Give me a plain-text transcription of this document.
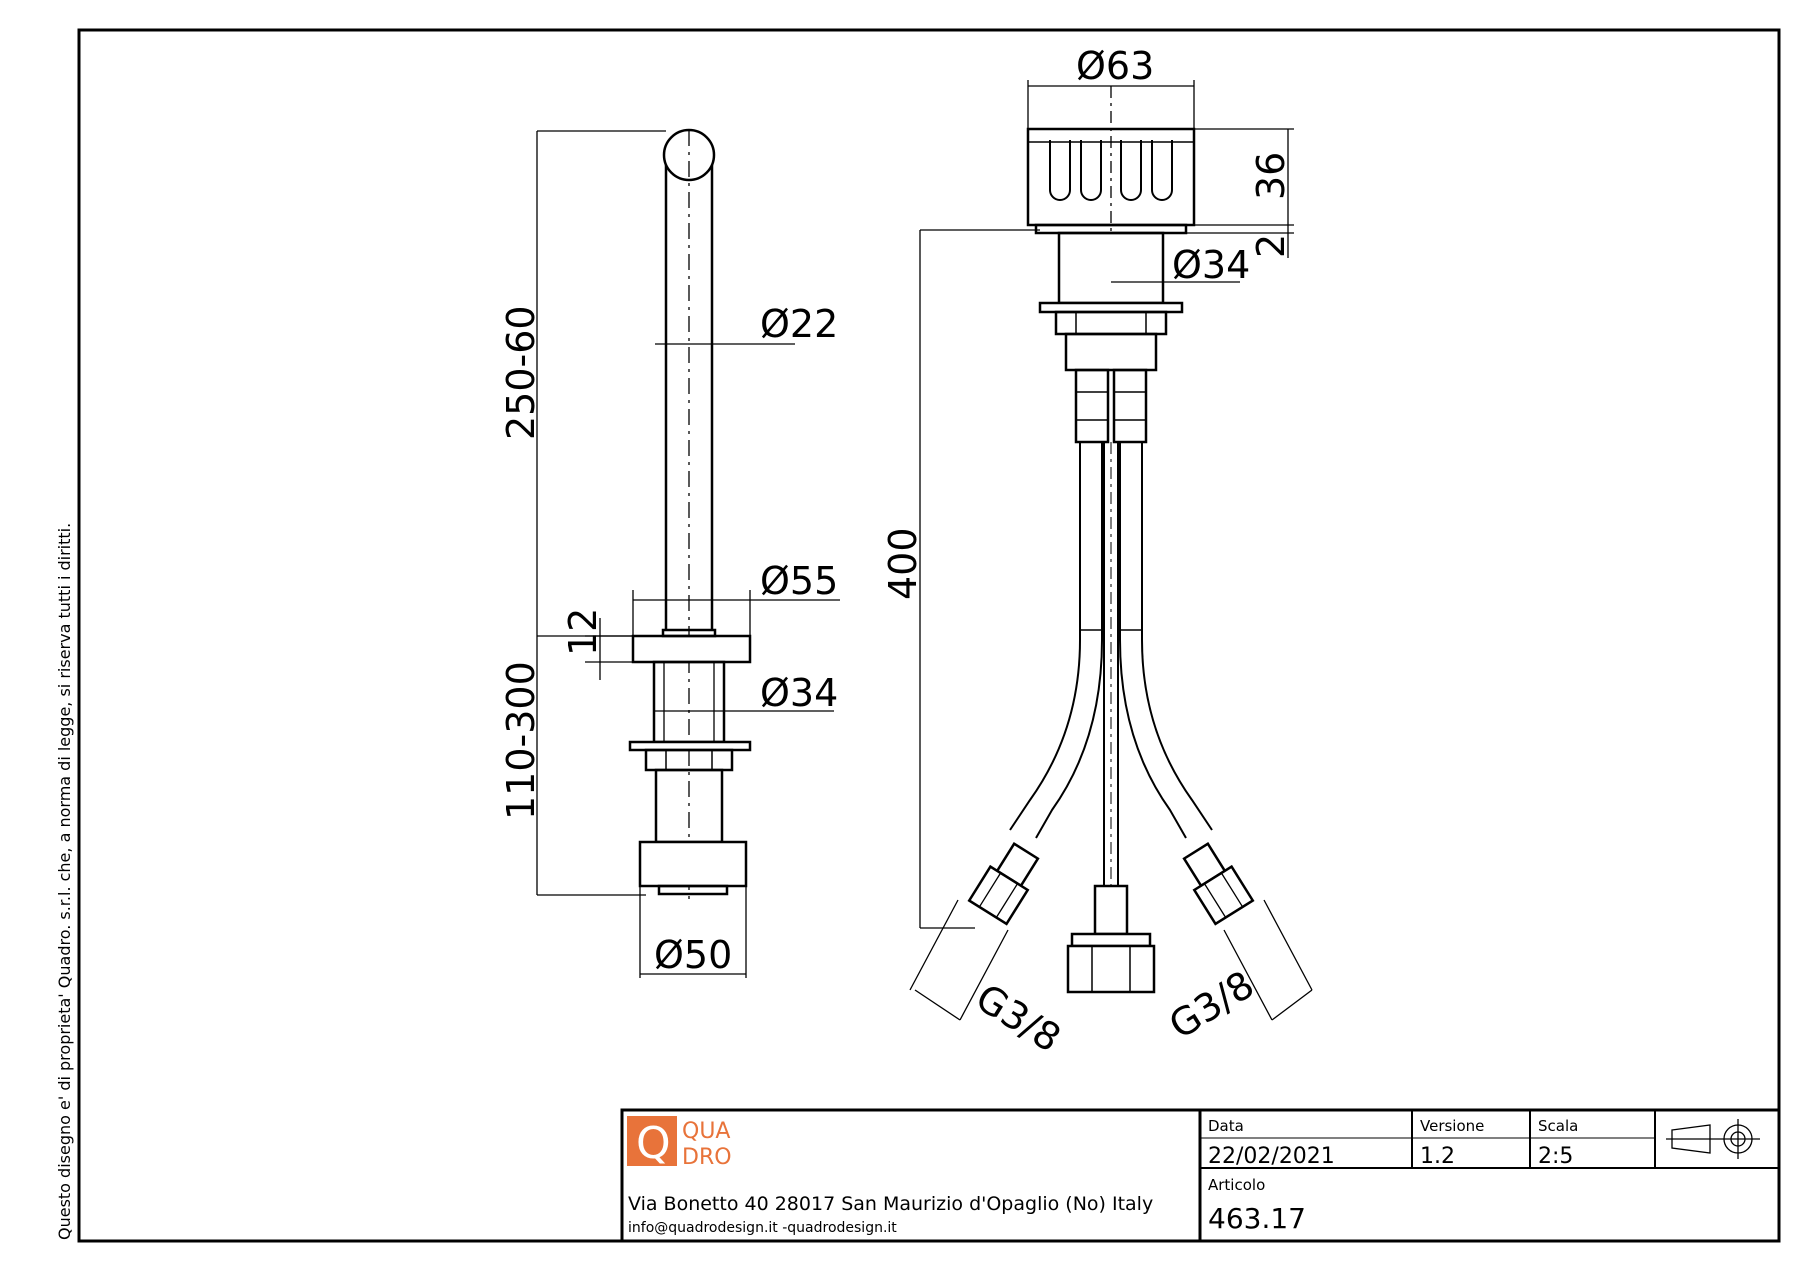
Questo disegno e' di proprieta' Quadro. s.r.l. che, a norma di legge, si riserva tutti i diritti.
250-60
110-300
Ø22
Ø55
12
Ø34
Ø50
Ø63
36
2
Ø34
400
G3/8 G3/8
Q QUA
DRO
Via Bonetto 40 28017 San Maurizio d'Opaglio (No) Italy
info@quadrodesign.it -quadrodesign.it
Data
22/02/2021
Versione
1.2
Scala
2:5
Articolo
463.17
